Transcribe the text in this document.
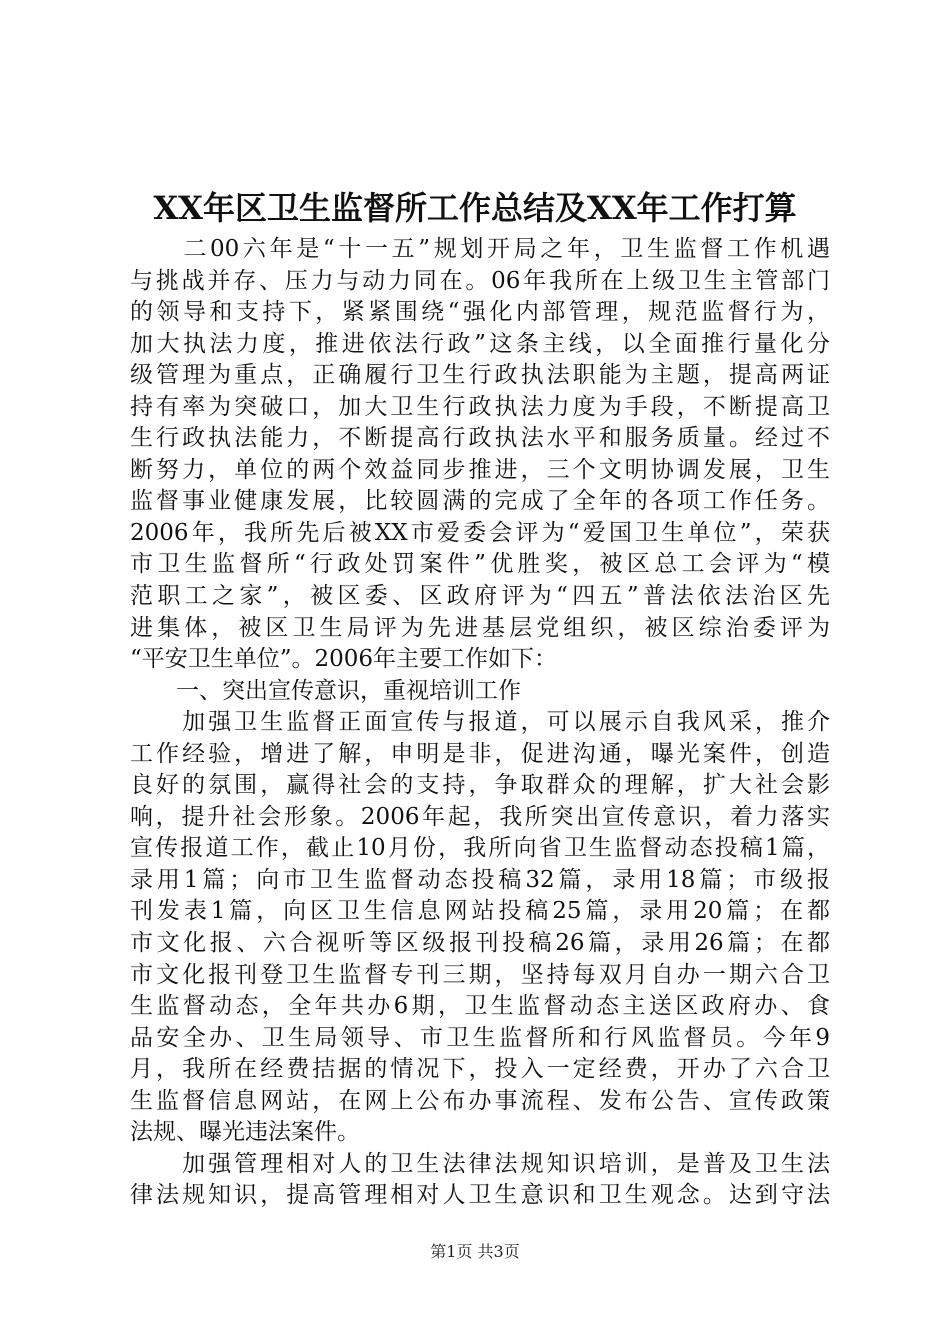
XX年区卫生监督所工作总结及XX年工作打算
　　二00六年是“十一五”规划开局之年，卫生监督工作机遇
与挑战并存、压力与动力同在。06年我所在上级卫生主管部门
的领导和支持下，紧紧围绕“强化内部管理，规范监督行为，
加大执法力度，推进依法行政”这条主线，以全面推行量化分
级管理为重点，正确履行卫生行政执法职能为主题，提高两证
持有率为突破口，加大卫生行政执法力度为手段，不断提高卫
生行政执法能力，不断提高行政执法水平和服务质量。经过不
断努力，单位的两个效益同步推进，三个文明协调发展，卫生
监督事业健康发展，比较圆满的完成了全年的各项工作任务。
2006年，我所先后被XX市爱委会评为“爱国卫生单位”，荣获
市卫生监督所“行政处罚案件”优胜奖，被区总工会评为“模
范职工之家”，被区委、区政府评为“四五”普法依法治区先
进集体，被区卫生局评为先进基层党组织，被区综治委评为
“平安卫生单位”。2006年主要工作如下：
　　一、突出宣传意识，重视培训工作
　　加强卫生监督正面宣传与报道，可以展示自我风采，推介
工作经验，增进了解，申明是非，促进沟通，曝光案件，创造
良好的氛围，赢得社会的支持，争取群众的理解，扩大社会影
响，提升社会形象。2006年起，我所突出宣传意识，着力落实
宣传报道工作，截止10月份，我所向省卫生监督动态投稿1篇，
录用1篇；向市卫生监督动态投稿32篇，录用18篇；市级报
刊发表1篇，向区卫生信息网站投稿25篇，录用20篇；在都
市文化报、六合视听等区级报刊投稿26篇，录用26篇；在都
市文化报刊登卫生监督专刊三期，坚持每双月自办一期六合卫
生监督动态，全年共办6期，卫生监督动态主送区政府办、食
品安全办、卫生局领导、市卫生监督所和行风监督员。今年9
月，我所在经费拮据的情况下，投入一定经费，开办了六合卫
生监督信息网站，在网上公布办事流程、发布公告、宣传政策
法规、曝光违法案件。
　　加强管理相对人的卫生法律法规知识培训，是普及卫生法
律法规知识，提高管理相对人卫生意识和卫生观念。达到守法
第1页 共3页
